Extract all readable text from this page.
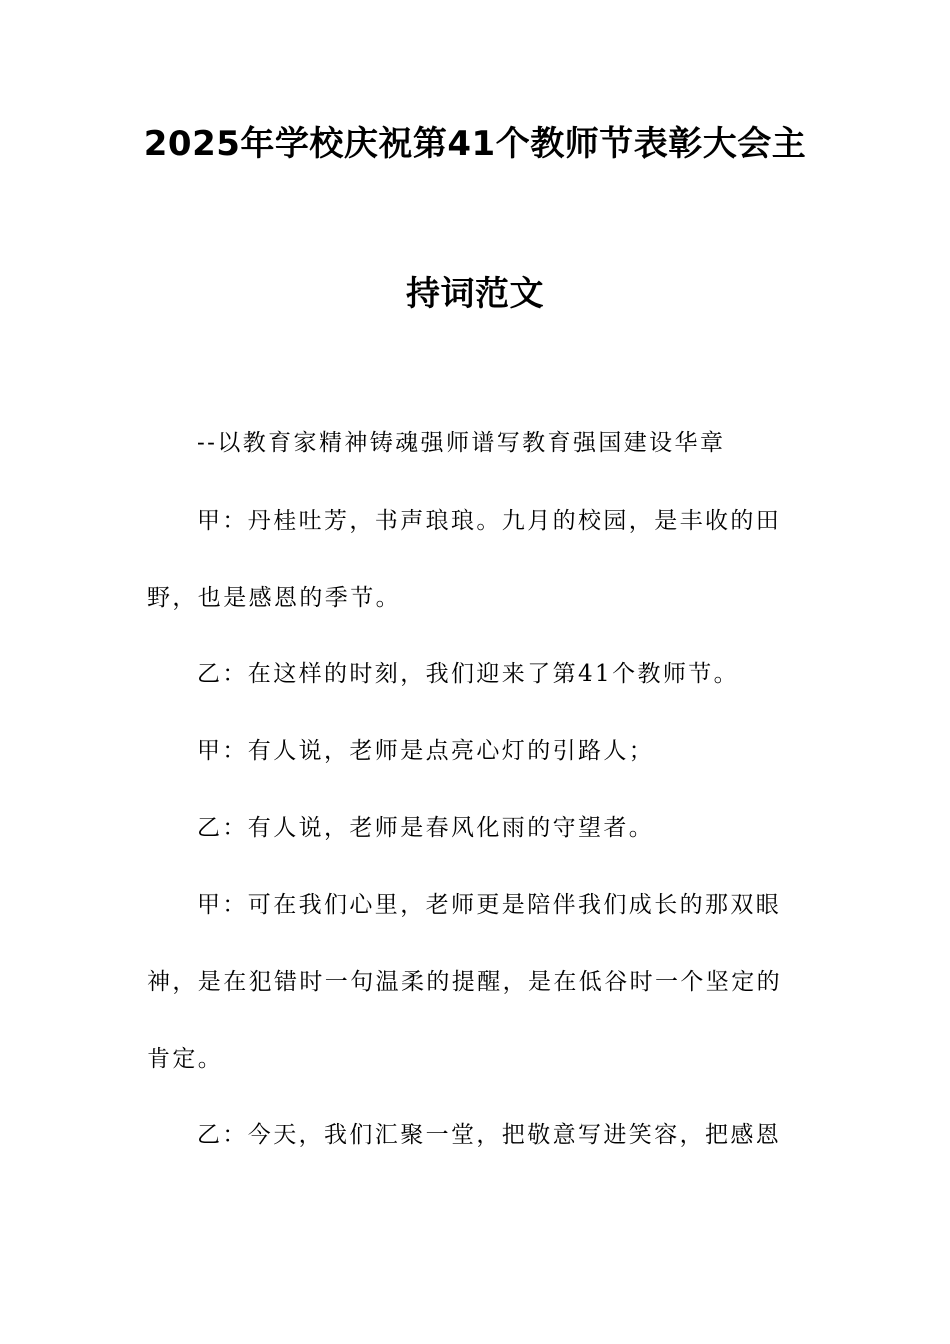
2025年学校庆祝第41个教师节表彰大会主
持词范文

--以教育家精神铸魂强师谱写教育强国建设华章

甲：丹桂吐芳，书声琅琅。九月的校园，是丰收的田野，也是感恩的季节。

乙：在这样的时刻，我们迎来了第41个教师节。

甲：有人说，老师是点亮心灯的引路人；

乙：有人说，老师是春风化雨的守望者。

甲：可在我们心里，老师更是陪伴我们成长的那双眼神，是在犯错时一句温柔的提醒，是在低谷时一个坚定的肯定。

乙：今天，我们汇聚一堂，把敬意写进笑容，把感恩
